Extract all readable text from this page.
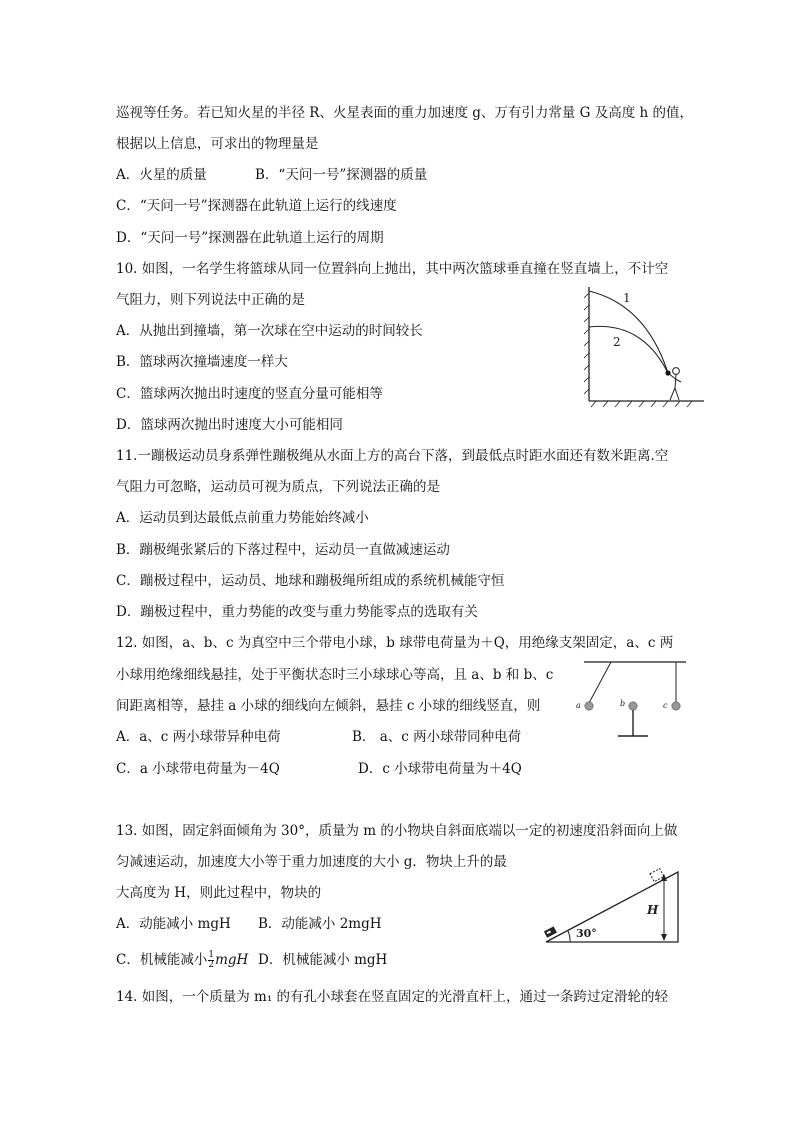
巡视等任务。若已知火星的半径 R、火星表面的重力加速度 g、万有引力常量 G 及高度 h 的值，
根据以上信息，可求出的物理量是
A．火星的质量	B．“天问一号”探测器的质量
C．“天问一号”探测器在此轨道上运行的线速度
D．“天问一号”探测器在此轨道上运行的周期
10. 如图，一名学生将篮球从同一位置斜向上抛出，其中两次篮球垂直撞在竖直墙上，不计空
气阻力，则下列说法中正确的是
A．从抛出到撞墙，第一次球在空中运动的时间较长
B．篮球两次撞墙速度一样大
C．篮球两次抛出时速度的竖直分量可能相等
D．篮球两次抛出时速度大小可能相同
1
2
11.一蹦极运动员身系弹性蹦极绳从水面上方的高台下落，到最低点时距水面还有数米距离.空
气阻力可忽略，运动员可视为质点，下列说法正确的是
A．运动员到达最低点前重力势能始终减小
B．蹦极绳张紧后的下落过程中，运动员一直做减速运动
C．蹦极过程中，运动员、地球和蹦极绳所组成的系统机械能守恒
D．蹦极过程中，重力势能的改变与重力势能零点的选取有关
12. 如图，a、b、c 为真空中三个带电小球，b 球带电荷量为＋Q，用绝缘支架固定，a、c 两
小球用绝缘细线悬挂，处于平衡状态时三小球球心等高，且 a、b 和 b、c
间距离相等，悬挂 a 小球的细线向左倾斜，悬挂 c 小球的细线竖直，则
A．a、c 两小球带异种电荷	B． a、c 两小球带同种电荷
C．a 小球带电荷量为－4Q	D．c 小球带电荷量为＋4Q
a	b	c
13. 如图，固定斜面倾角为 30°，质量为 m 的小物块自斜面底端以一定的初速度沿斜面向上做
匀减速运动，加速度大小等于重力加速度的大小 g．物块上升的最
大高度为 H，则此过程中，物块的
A．动能减小 mgH B．动能减小 2mgH
C．机械能减小 $\frac{1}{2}$ mgH D．机械能减小 mgH
H
30°
14. 如图，一个质量为 m₁ 的有孔小球套在竖直固定的光滑直杆上，通过一条跨过定滑轮的轻
